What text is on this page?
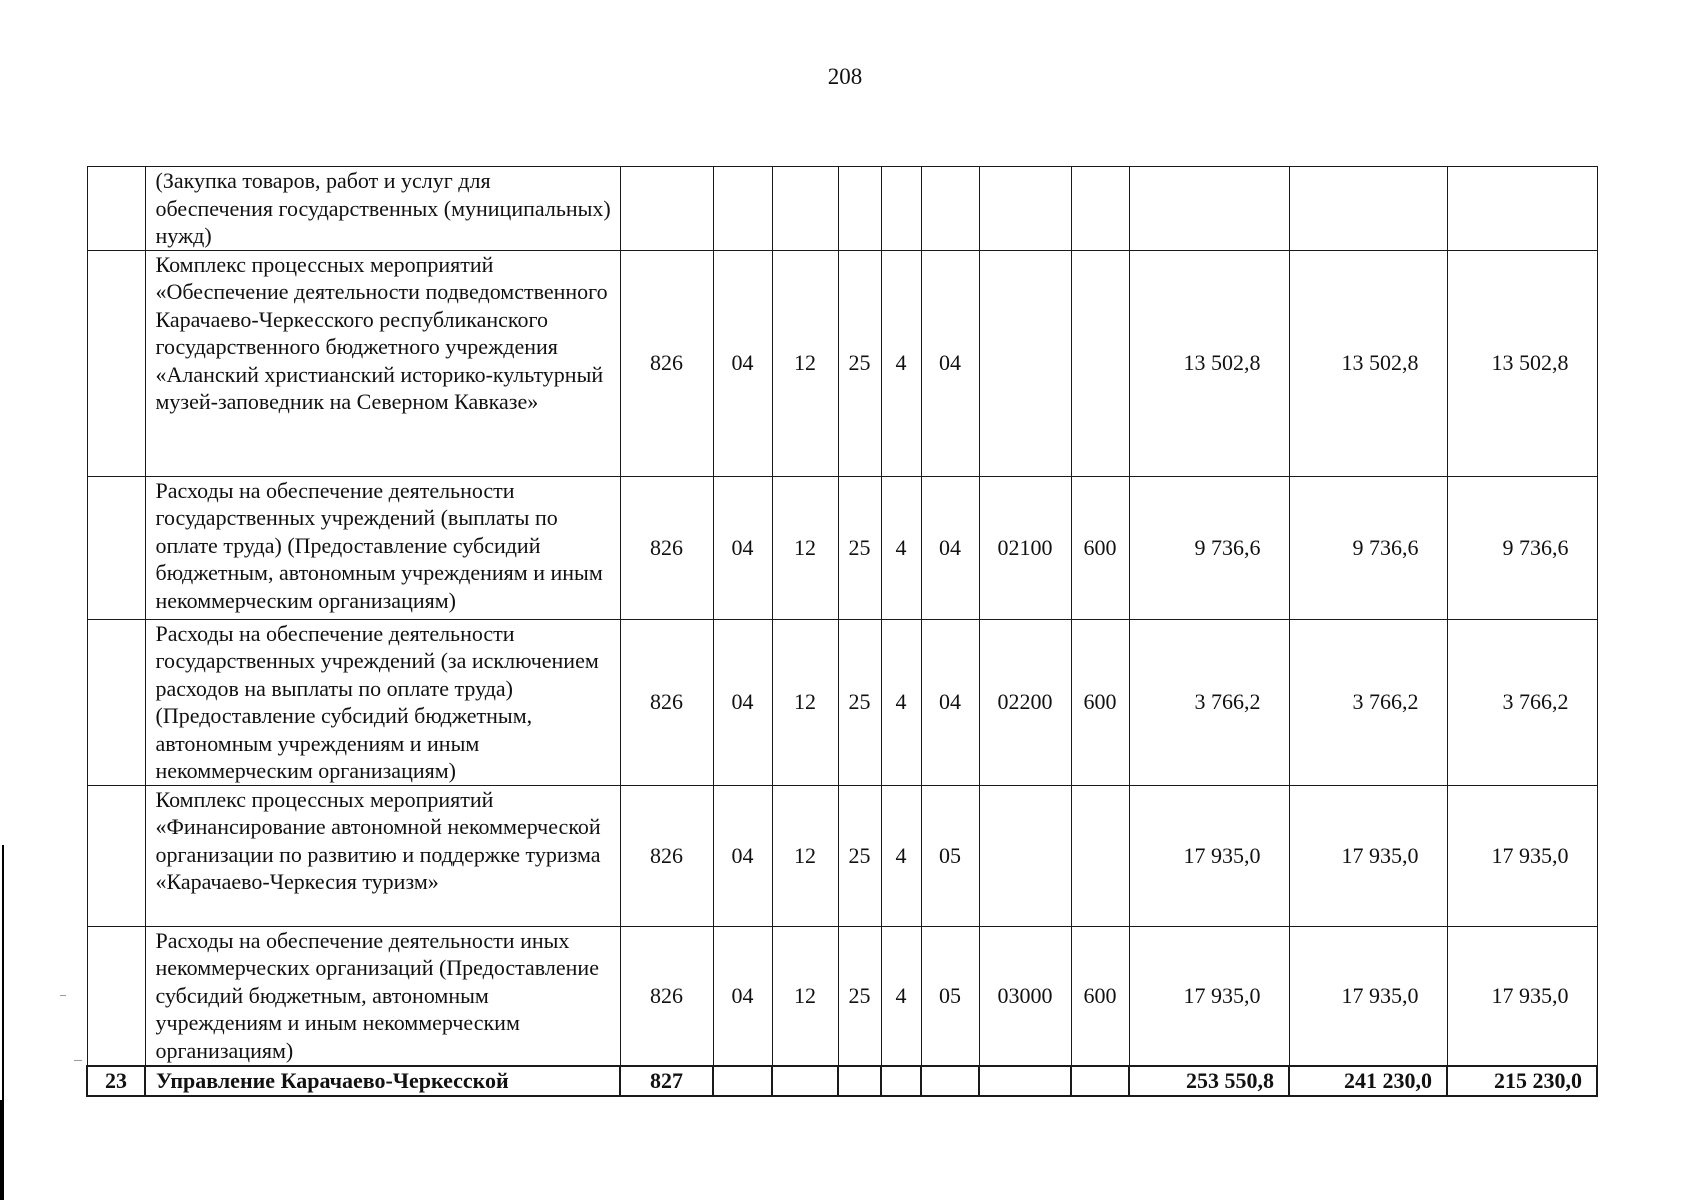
208
	(Закупка товаров, работ и услуг для обеспечения государственных (муниципальных) нужд)											
	Комплекс процессных мероприятий «Обеспечение деятельности подведомственного Карачаево-Черкесского республиканского государственного бюджетного учреждения «Аланский христианский историко-культурный музей-заповедник на Северном Кавказе»	826	04	12	25	4	04			13 502,8	13 502,8	13 502,8
	Расходы на обеспечение деятельности государственных учреждений (выплаты по оплате труда) (Предоставление субсидий бюджетным, автономным учреждениям и иным некоммерческим организациям)	826	04	12	25	4	04	02100	600	9 736,6	9 736,6	9 736,6
	Расходы на обеспечение деятельности государственных учреждений (за исключением расходов на выплаты по оплате труда) (Предоставление субсидий бюджетным, автономным учреждениям и иным некоммерческим организациям)	826	04	12	25	4	04	02200	600	3 766,2	3 766,2	3 766,2
	Комплекс процессных мероприятий «Финансирование автономной некоммерческой организации по развитию и поддержке туризма «Карачаево-Черкесия туризм»	826	04	12	25	4	05			17 935,0	17 935,0	17 935,0
	Расходы на обеспечение деятельности иных некоммерческих организаций (Предоставление субсидий бюджетным, автономным учреждениям и иным некоммерческим организациям)	826	04	12	25	4	05	03000	600	17 935,0	17 935,0	17 935,0
23	Управление Карачаево-Черкесской	827								253 550,8	241 230,0	215 230,0
